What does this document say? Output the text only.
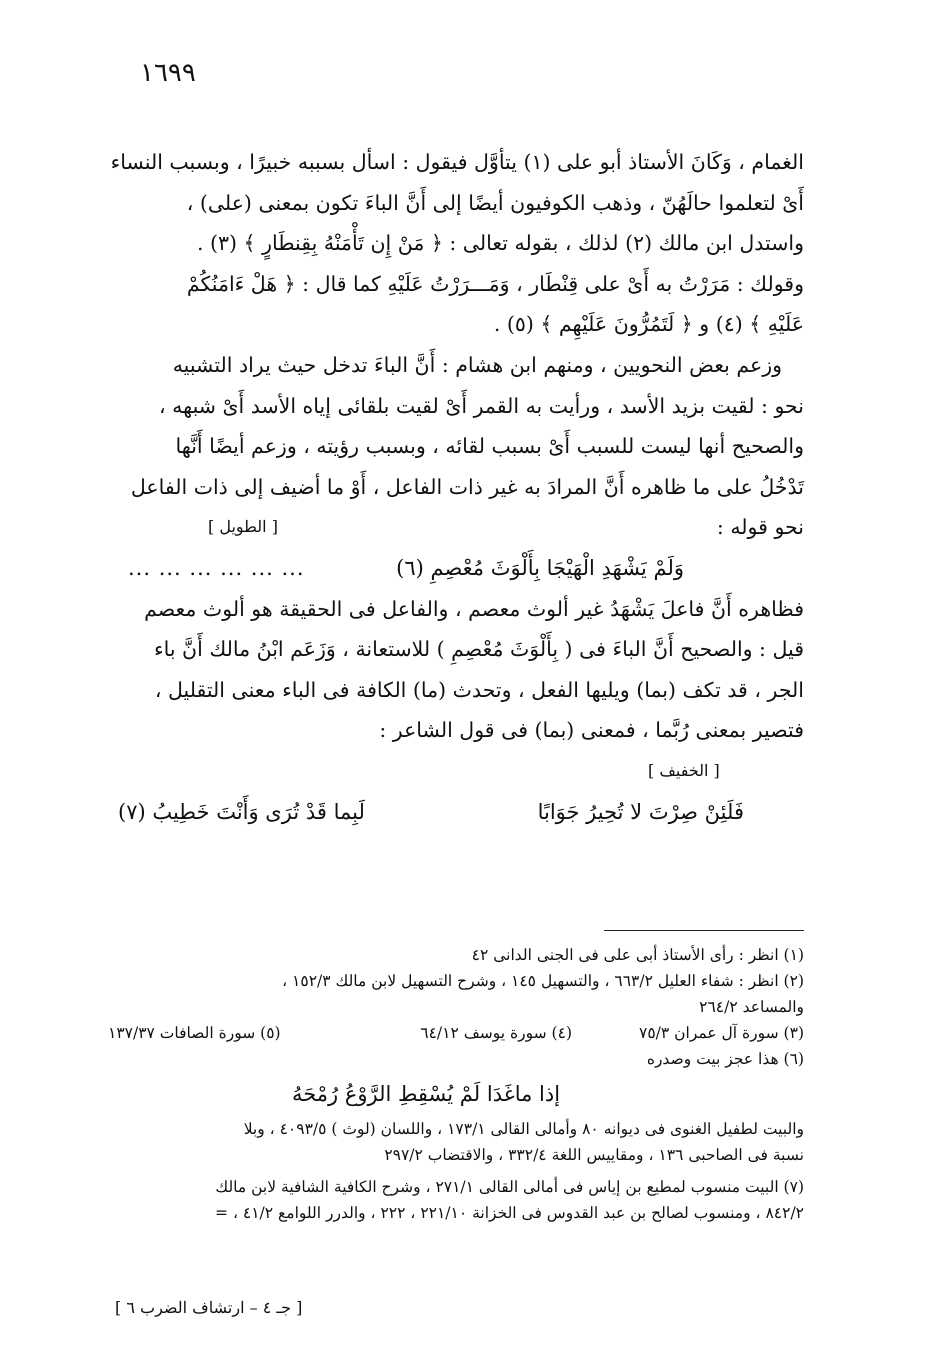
١٦٩٩

الغمام ، وَكَانَ الأستاذ أبو على (١) يتأوَّل فيقول : اسأل بسببه خبيرًا ، وبسبب النساء

أَىْ لتعلموا حالَهُنّ ، وذهب الكوفيون أيضًا إلى أَنَّ الباءَ تكون بمعنى (على) ،

واستدل ابن مالك (٢) لذلك ، بقوله تعالى : ﴿ مَنْ إِن تَأْمَنْهُ بِقِنطَارٍ ﴾ (٣) .

وقولك : مَرَرْتُ به أَىْ على قِنْطَار ، وَمَـــرَرْتُ عَلَيْهِ كما قال : ﴿ هَلْ ءَامَنُكُمْ

عَلَيْهِ ﴾ (٤) و ﴿ لَتَمُرُّونَ عَلَيْهِم ﴾ (٥) .

وزعم بعض النحويين ، ومنهم ابن هشام : أَنَّ الباءَ تدخل حيث يراد التشبيه

نحو : لقيت بزيد الأسد ، ورأيت به القمر أَىْ لقيت بلقائى إياه الأسد أَىْ شبهه ،

والصحيح أنها ليست للسبب أَىْ بسبب لقائه ، وبسبب رؤيته ، وزعم أيضًا أَنَّها

تَدْخُلُ على ما ظاهره أَنَّ المرادَ به غير ذات الفاعل ، أَوْ ما أضيف إلى ذات الفاعل

نحو قوله :
[ الطويل ]
وَلَمْ يَشْهَدِ الْهَيْجَا بِأَلْوَثَ مُعْصِمِ (٦)
... ... ... ... ... ...

فظاهره أَنَّ فاعلَ يَشْهَدُ غير ألوث معصم ، والفاعل فى الحقيقة هو ألوث معصم

قيل : والصحيح أَنَّ الباءَ فى ( بِأَلْوَثَ مُعْصِمِ ) للاستعانة ، وَزَعَم ابْنُ مالك أَنَّ باء

الجر ، قد تكف (بما) ويليها الفعل ، وتحدث (ما) الكافة فى الباء معنى التقليل ،

فتصير بمعنى رُبَّما ، فمعنى (بما) فى قول الشاعر :

[ الخفيف ]
فَلَئِنْ صِرْتَ لا تُحِيرُ جَوَابًا
لَبِما قَدْ تُرَى وَأَنْتَ خَطِيبُ (٧)

(١) انظر : رأى الأستاذ أبى على فى الجنى الدانى ٤٢

(٢) انظر : شفاء العليل ٦٦٣/٢ ، والتسهيل ١٤٥ ، وشرح التسهيل لابن مالك ١٥٢/٣ ،

والمساعد ٢٦٤/٢

(٣) سورة آل عمران ٧٥/٣
(٤) سورة يوسف ٦٤/١٢
(٥) سورة الصافات ١٣٧/٣٧

(٦) هذا عجز بيت وصدره

إذا ماغَدَا لَمْ يُسْقِطِ الرَّوْعُ رُمْحَهُ

والبيت لطفيل الغنوى فى ديوانه ٨٠ وأمالى القالى ١٧٣/١ ، واللسان (لوث ) ٤٠٩٣/٥ ، وبلا

نسبة فى الصاحبى ١٣٦ ، ومقاييس اللغة ٣٣٢/٤ ، والاقتضاب ٢٩٧/٢

(٧) البيت منسوب لمطيع بن إياس فى أمالى القالى ٢٧١/١ ، وشرح الكافية الشافية لابن مالك

٨٤٢/٢ ، ومنسوب لصالح بن عبد القدوس فى الخزانة ٢٢١/١٠ ، ٢٢٢ ، والدرر اللوامع ٤١/٢ ، =

[ جـ ٤ – ارتشاف الضرب ٦ ]
